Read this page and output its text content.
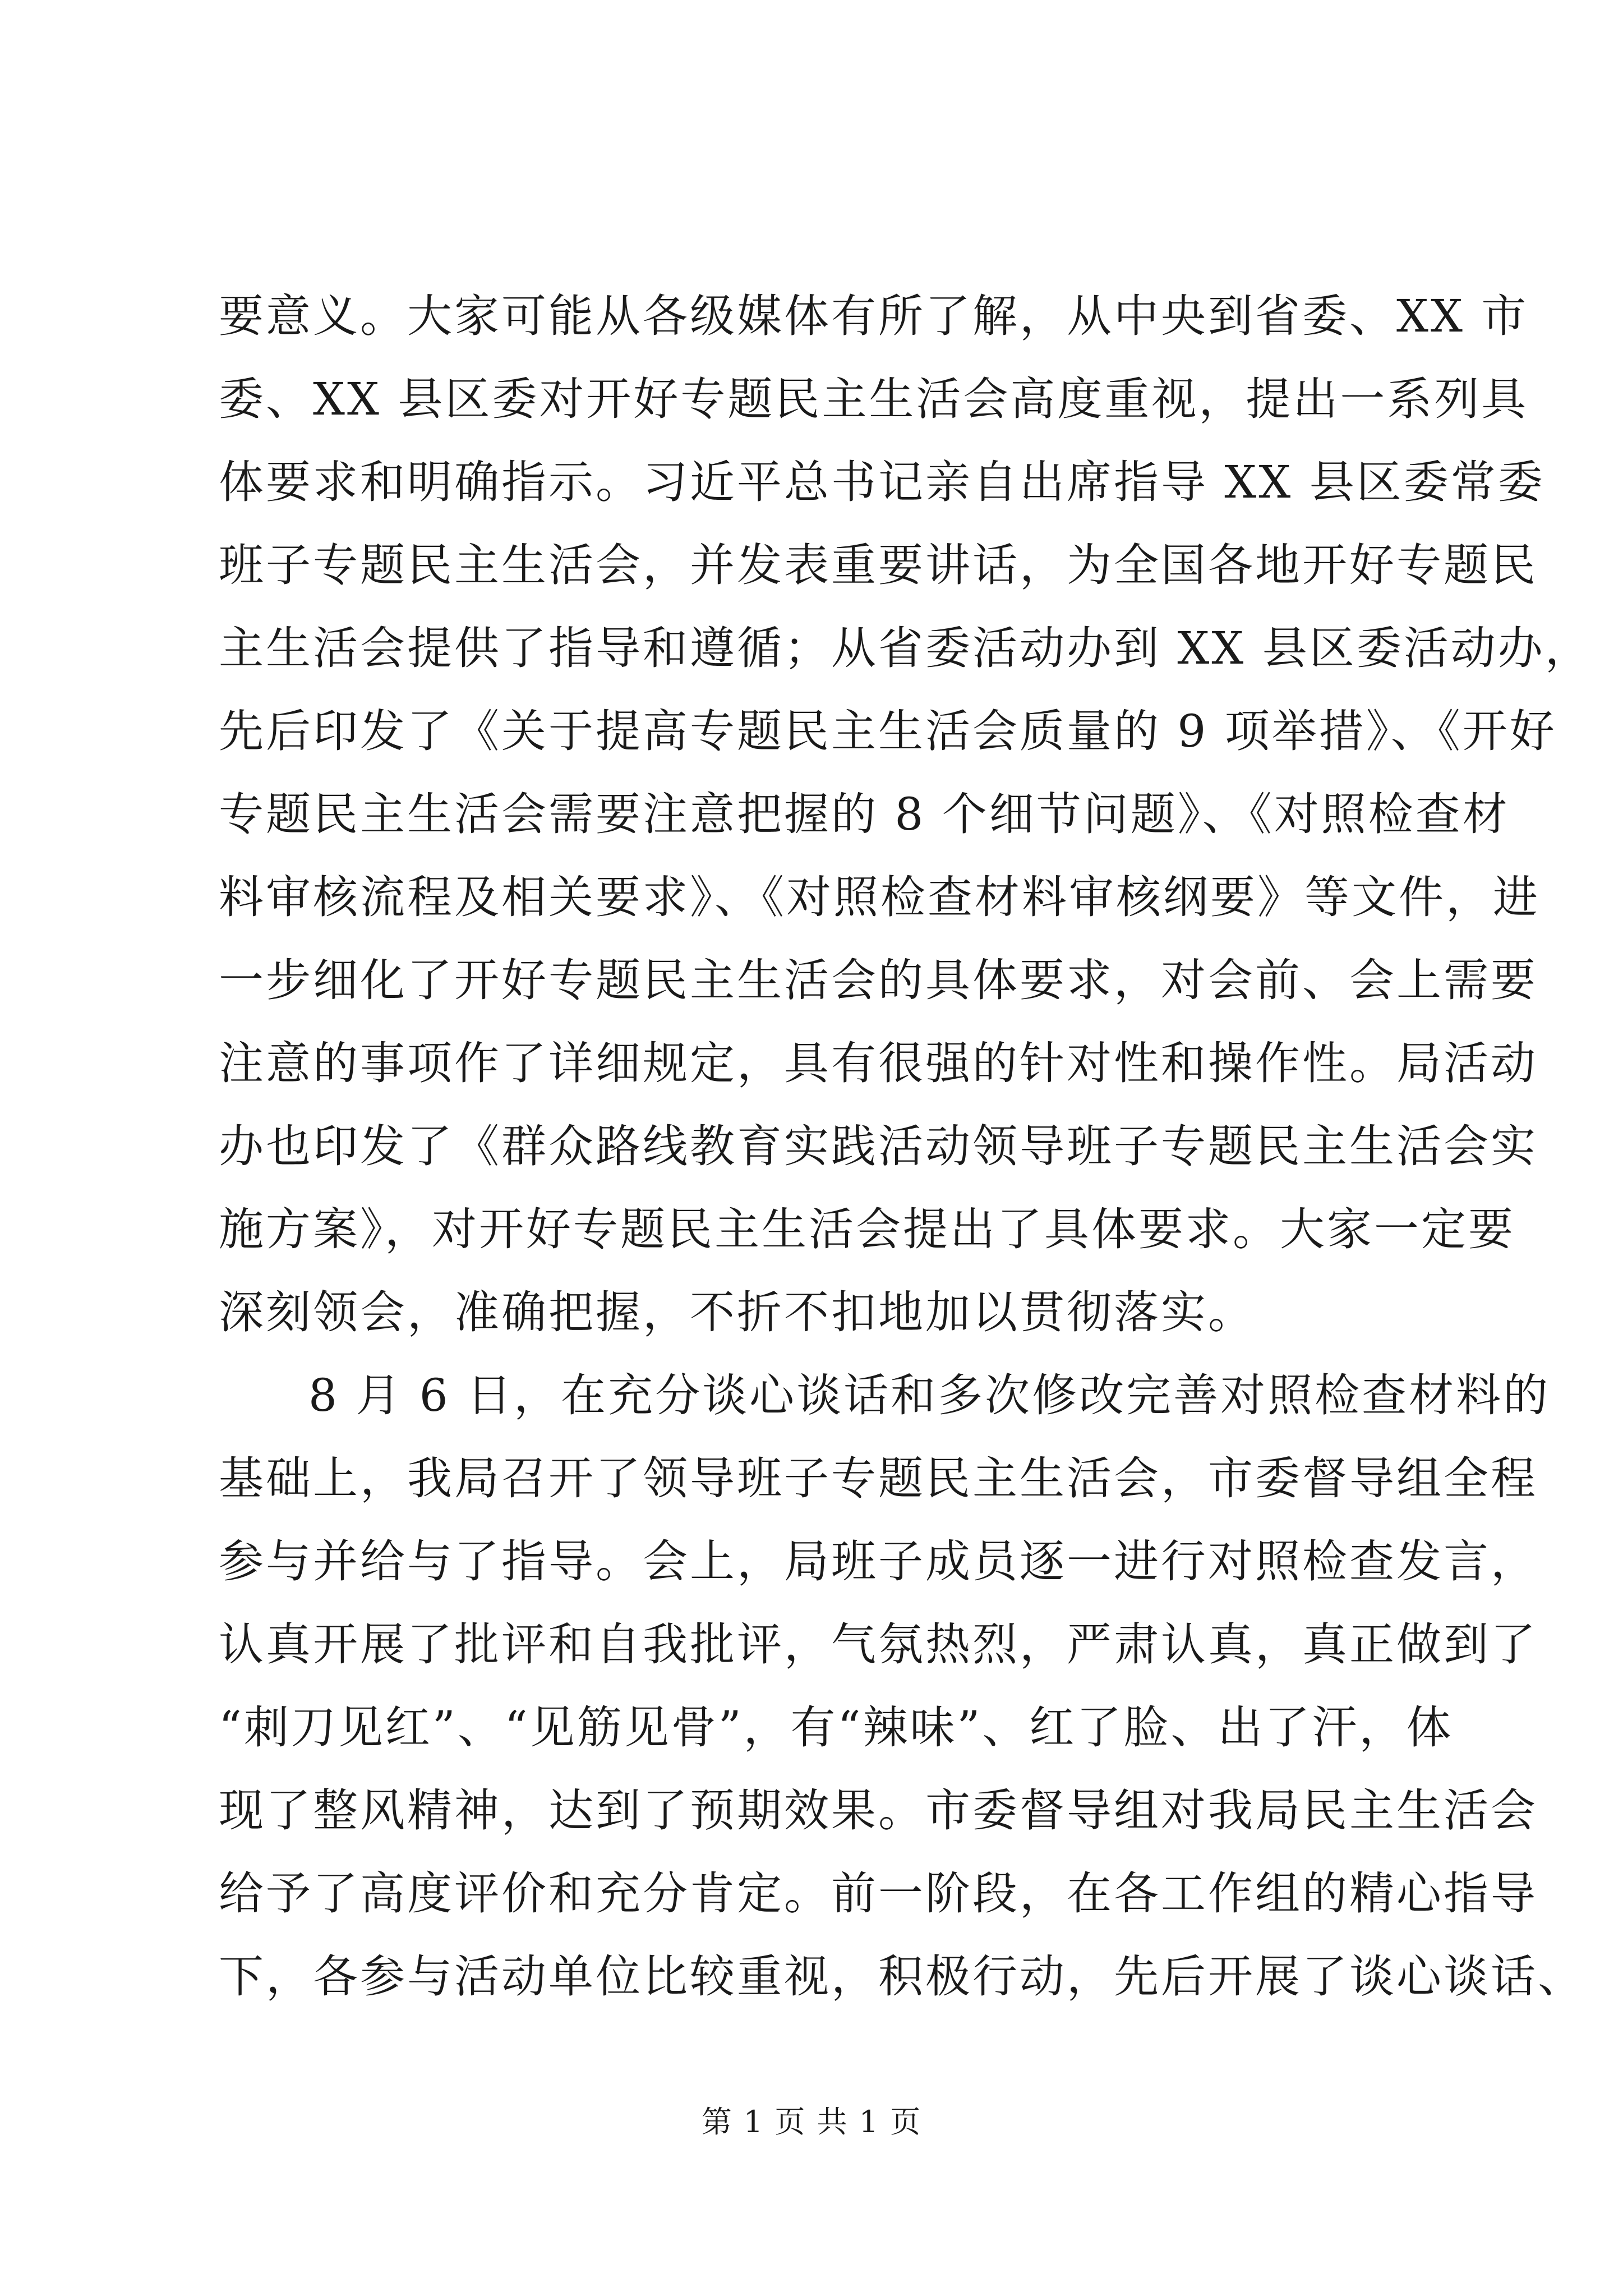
要意义。大家可能从各级媒体有所了解，从中央到省委、XX 市
委、XX 县区委对开好专题民主生活会高度重视，提出一系列具
体要求和明确指示。习近平总书记亲自出席指导 XX 县区委常委
班子专题民主生活会，并发表重要讲话，为全国各地开好专题民
主生活会提供了指导和遵循；从省委活动办到 XX 县区委活动办，
先后印发了《关于提高专题民主生活会质量的 9 项举措》、《开好
专题民主生活会需要注意把握的 8 个细节问题》、《对照检查材
料审核流程及相关要求》、《对照检查材料审核纲要》等文件，进
一步细化了开好专题民主生活会的具体要求，对会前、会上需要
注意的事项作了详细规定，具有很强的针对性和操作性。局活动
办也印发了《群众路线教育实践活动领导班子专题民主生活会实
施方案》，对开好专题民主生活会提出了具体要求。大家一定要
深刻领会，准确把握，不折不扣地加以贯彻落实。
8 月 6 日，在充分谈心谈话和多次修改完善对照检查材料的
基础上，我局召开了领导班子专题民主生活会，市委督导组全程
参与并给与了指导。会上，局班子成员逐一进行对照检查发言，
认真开展了批评和自我批评，气氛热烈，严肃认真，真正做到了
“刺刀见红”、“见筋见骨”，有“辣味”、红了脸、出了汗，体
现了整风精神，达到了预期效果。市委督导组对我局民主生活会
给予了高度评价和充分肯定。前一阶段，在各工作组的精心指导
下，各参与活动单位比较重视，积极行动，先后开展了谈心谈话、
第 1 页 共 1 页
